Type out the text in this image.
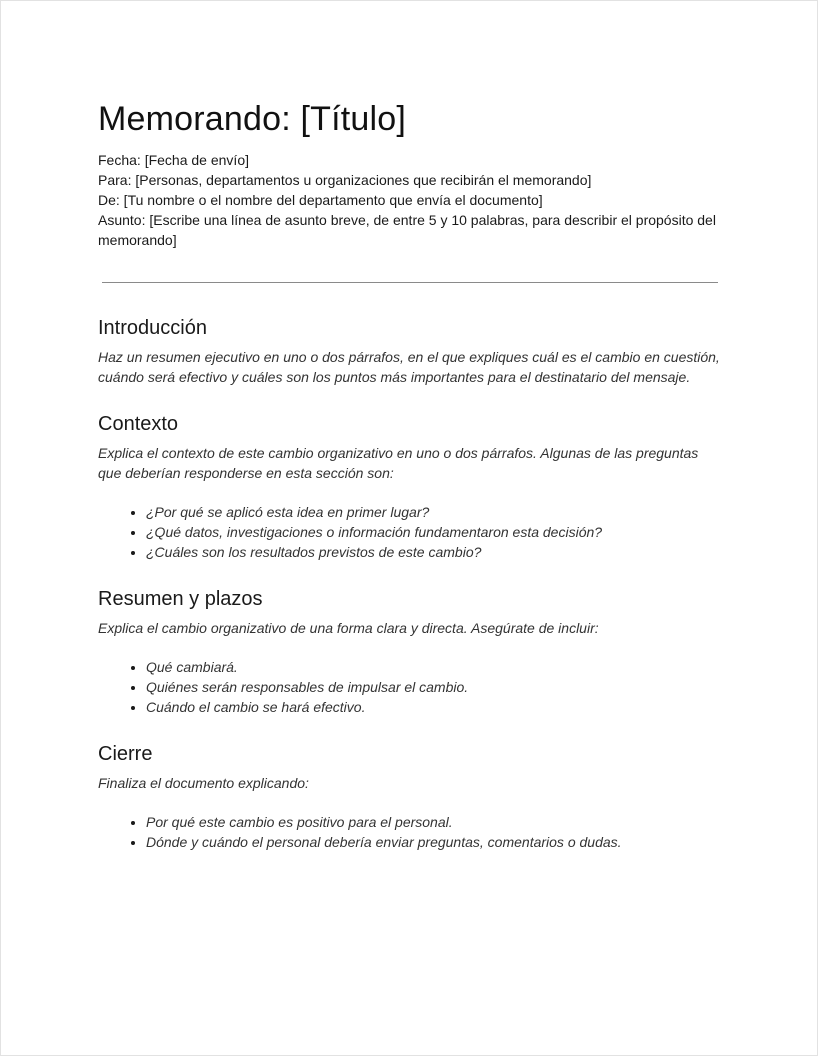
Memorando: [Título]
Fecha: [Fecha de envío]
Para: [Personas, departamentos u organizaciones que recibirán el memorando]
De: [Tu nombre o el nombre del departamento que envía el documento]
Asunto: [Escribe una línea de asunto breve, de entre 5 y 10 palabras, para describir el propósito del memorando]
Introducción

Haz un resumen ejecutivo en uno o dos párrafos, en el que expliques cuál es el cambio en cuestión, cuándo será efectivo y cuáles son los puntos más importantes para el destinatario del mensaje.

Contexto

Explica el contexto de este cambio organizativo en uno o dos párrafos. Algunas de las preguntas que deberían responderse en esta sección son:

• ¿Por qué se aplicó esta idea en primer lugar?
• ¿Qué datos, investigaciones o información fundamentaron esta decisión?
• ¿Cuáles son los resultados previstos de este cambio?
Resumen y plazos

Explica el cambio organizativo de una forma clara y directa. Asegúrate de incluir:

• Qué cambiará.
• Quiénes serán responsables de impulsar el cambio.
• Cuándo el cambio se hará efectivo.
Cierre

Finaliza el documento explicando:

• Por qué este cambio es positivo para el personal.
• Dónde y cuándo el personal debería enviar preguntas, comentarios o dudas.
